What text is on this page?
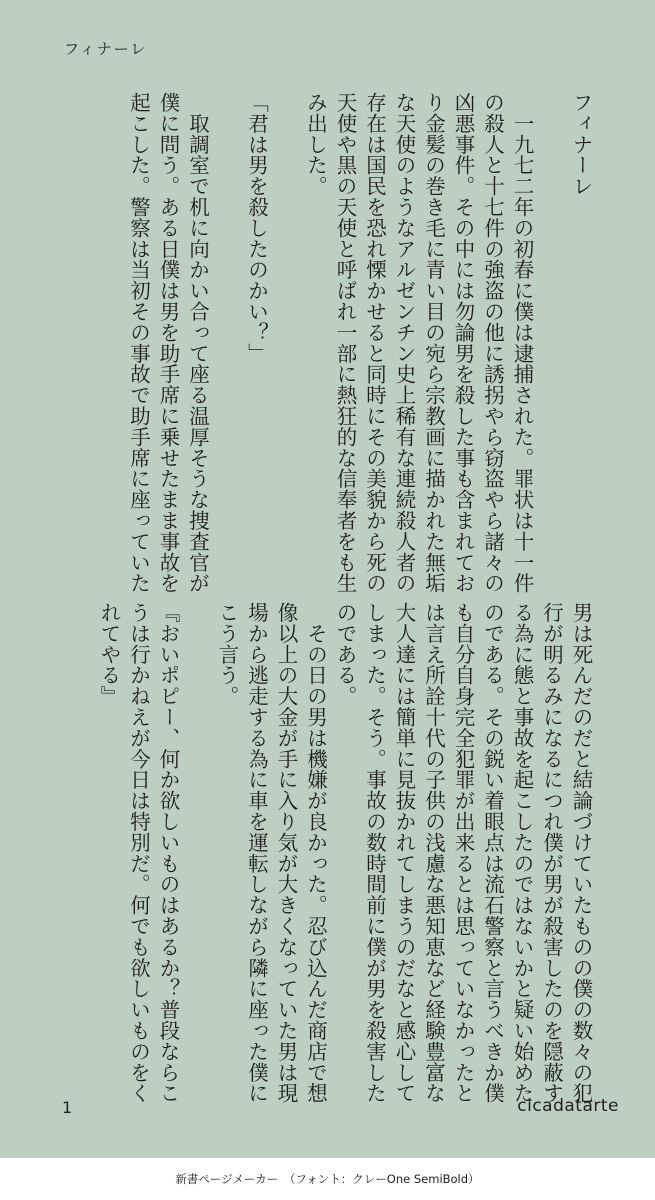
フィナーレ
フィナーレ

　一九七二年の初春に僕は逮捕された。罪状は十一件
の殺人と十七件の強盗の他に誘拐やら窃盗やら諸々の
凶悪事件。その中には勿論男を殺した事も含まれてお
り金髪の巻き毛に青い目の宛ら宗教画に描かれた無垢
な天使のようなアルゼンチン史上稀有な連続殺人者の
存在は国民を恐れ慄かせると同時にその美貌から死の
天使や黒の天使と呼ばれ一部に熱狂的な信奉者をも生
み出した。

「君は男を殺したのかい？」

　取調室で机に向かい合って座る温厚そうな捜査官が
僕に問う。ある日僕は男を助手席に乗せたまま事故を
起こした。警察は当初その事故で助手席に座っていた
男は死んだのだと結論づけていたものの僕の数々の犯
行が明るみになるにつれ僕が男が殺害したのを隠蔽す
る為に態と事故を起こしたのではないかと疑い始めた
のである。その鋭い着眼点は流石警察と言うべきか僕
も自分自身完全犯罪が出来るとは思っていなかったと
は言え所詮十代の子供の浅慮な悪知恵など経験豊富な
大人達には簡単に見抜かれてしまうのだなと感心して
しまった。そう。事故の数時間前に僕が男を殺害した
のである。
　その日の男は機嫌が良かった。忍び込んだ商店で想
像以上の大金が手に入り気が大きくなっていた男は現
場から逃走する為に車を運転しながら隣に座った僕に
こう言う。

『おいポピー、何か欲しいものはあるか？普段ならこ
うは行かねえが今日は特別だ。何でも欲しいものをく
れてやる』
1	cicadatarte
新書ページメーカー　（フォント：クレーOne SemiBold）
